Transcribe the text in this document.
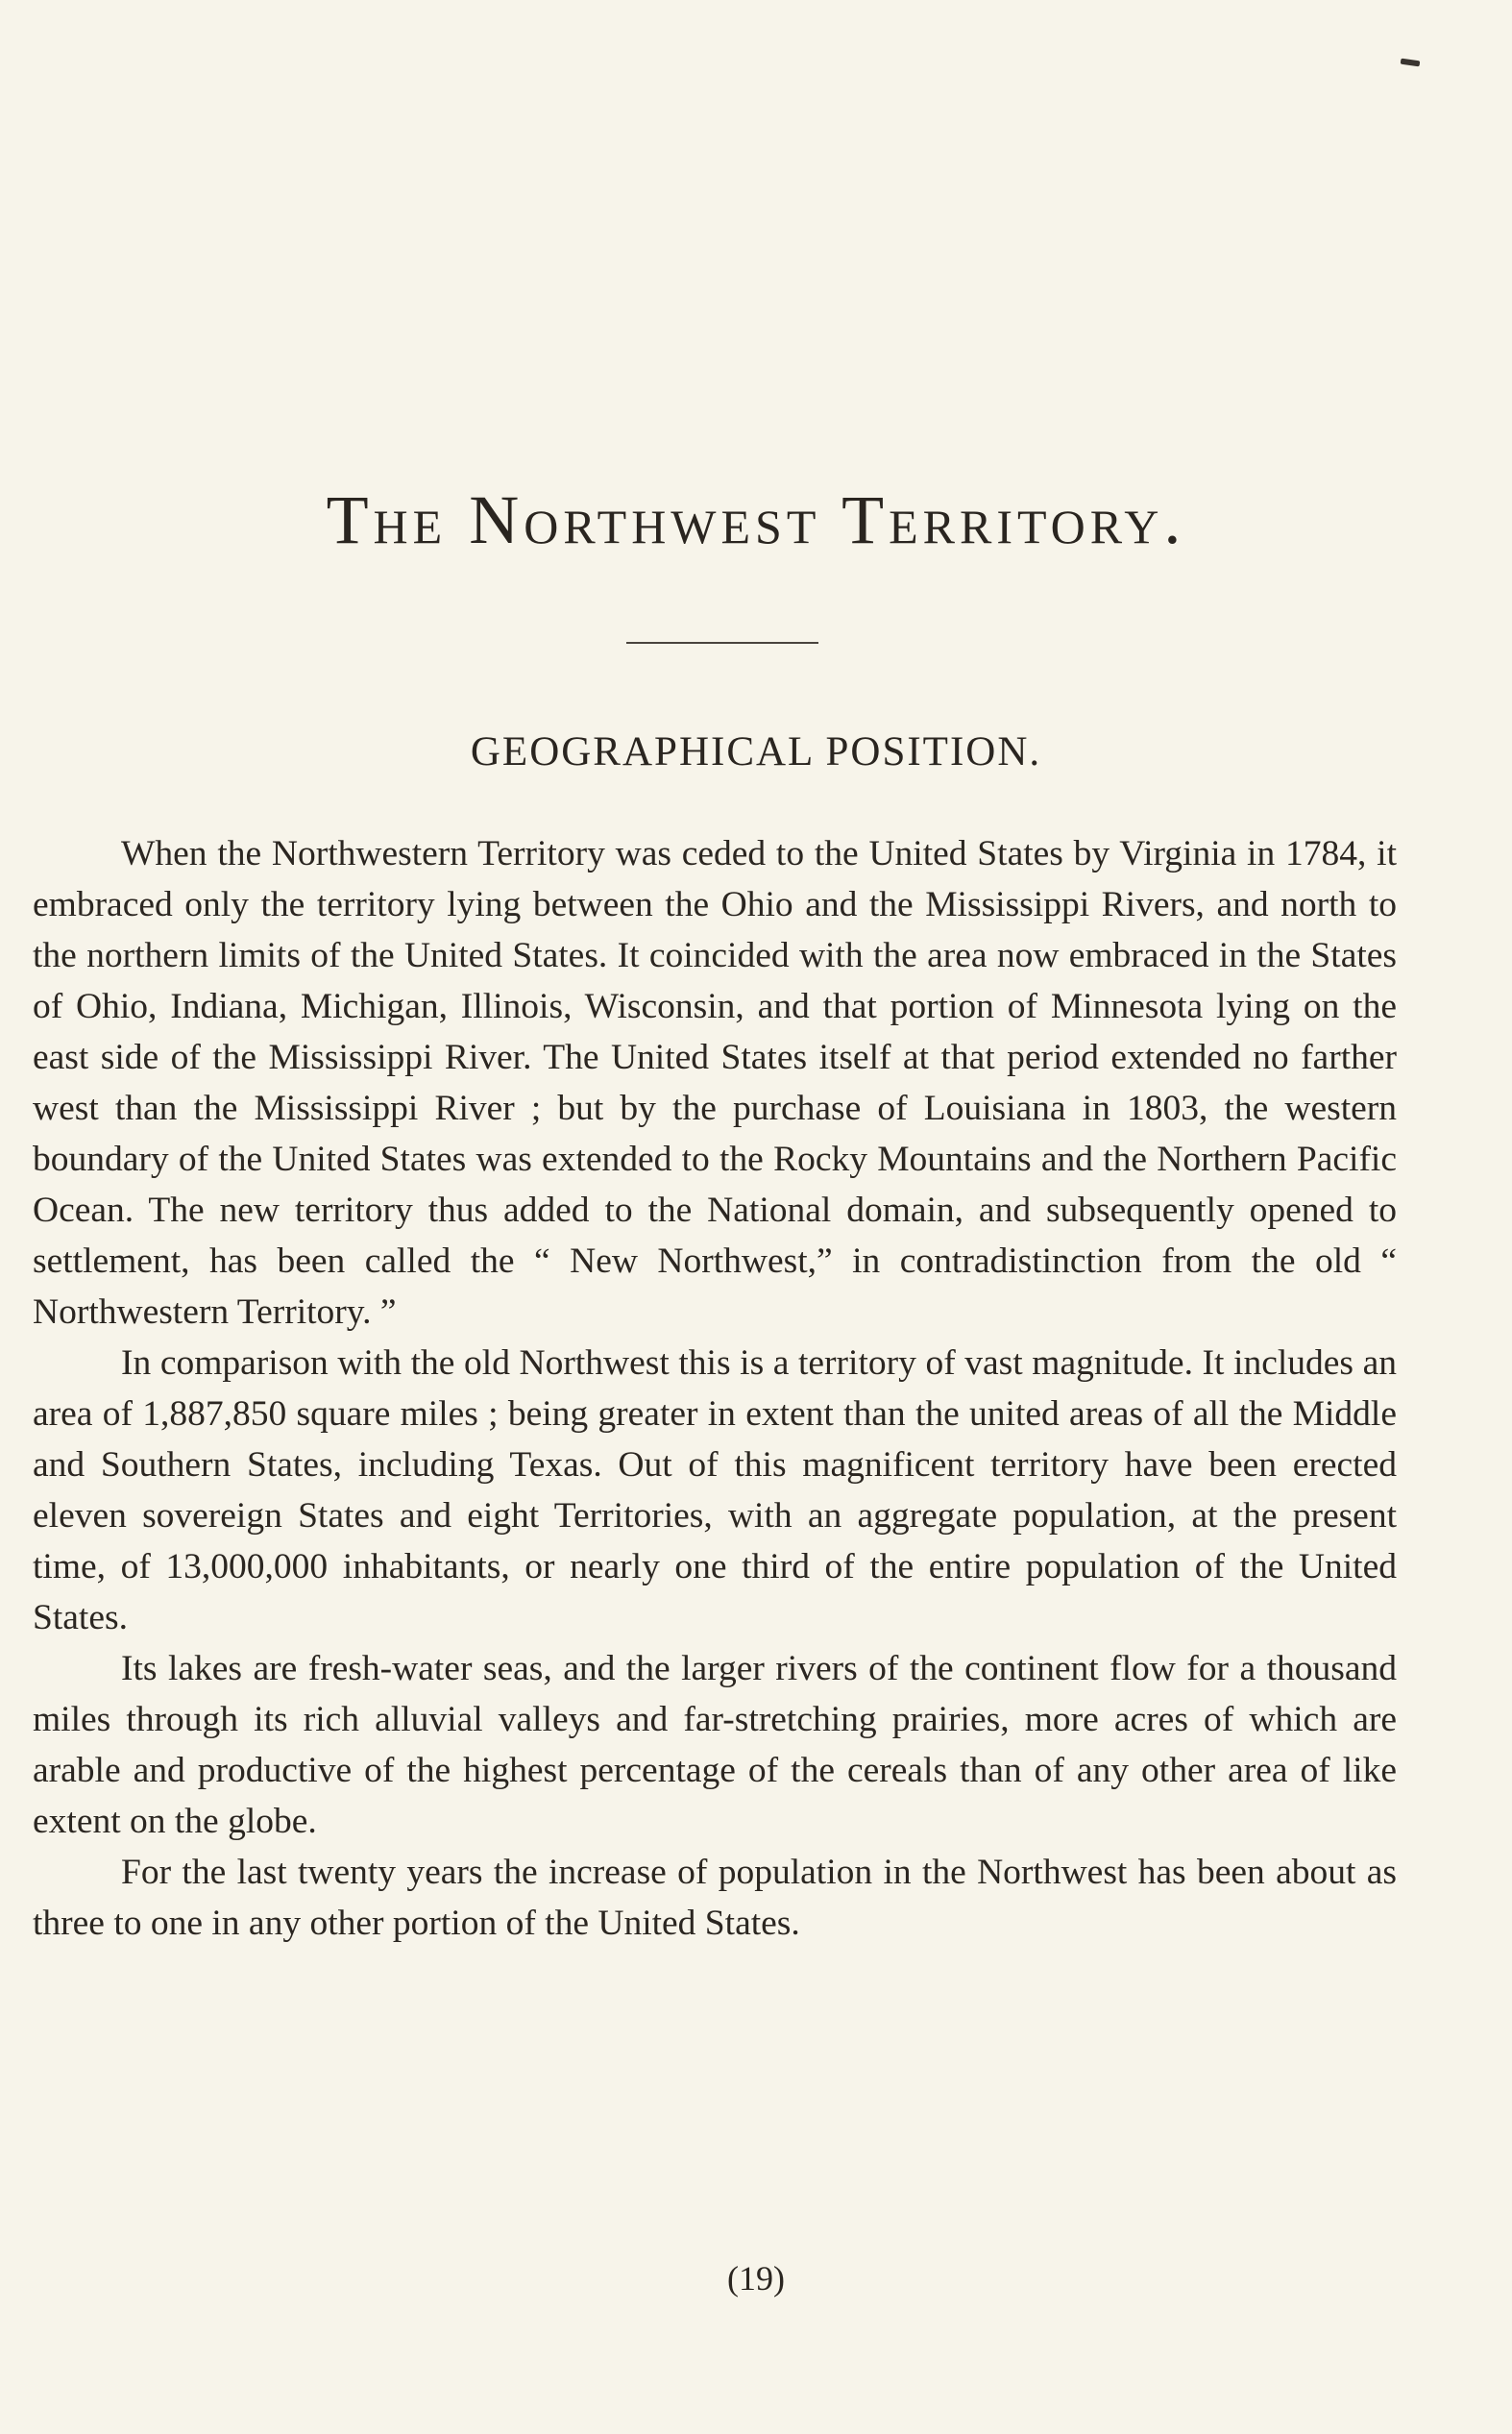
The Northwest Territory.
GEOGRAPHICAL POSITION.

When the Northwestern Territory was ceded to the United States by Virginia in 1784, it embraced only the territory lying between the Ohio and the Mississippi Rivers, and north to the northern limits of the United States. It coincided with the area now embraced in the States of Ohio, Indiana, Michigan, Illinois, Wisconsin, and that portion of Minnesota lying on the east side of the Mississippi River. The United States itself at that period extended no farther west than the Mississippi River ; but by the purchase of Louisiana in 1803, the western boundary of the United States was extended to the Rocky Mountains and the Northern Pacific Ocean. The new territory thus added to the National domain, and subsequently opened to settlement, has been called the “ New Northwest,” in contradistinction from the old “ Northwestern Territory. ”

In comparison with the old Northwest this is a territory of vast magnitude. It includes an area of 1,887,850 square miles ; being greater in extent than the united areas of all the Middle and Southern States, including Texas. Out of this magnificent territory have been erected eleven sovereign States and eight Territories, with an aggregate population, at the present time, of 13,000,000 inhabitants, or nearly one third of the entire population of the United States.

Its lakes are fresh-water seas, and the larger rivers of the continent flow for a thousand miles through its rich alluvial valleys and far-stretching prairies, more acres of which are arable and productive of the highest percentage of the cereals than of any other area of like extent on the globe.

For the last twenty years the increase of population in the Northwest has been about as three to one in any other portion of the United States.

(19)
